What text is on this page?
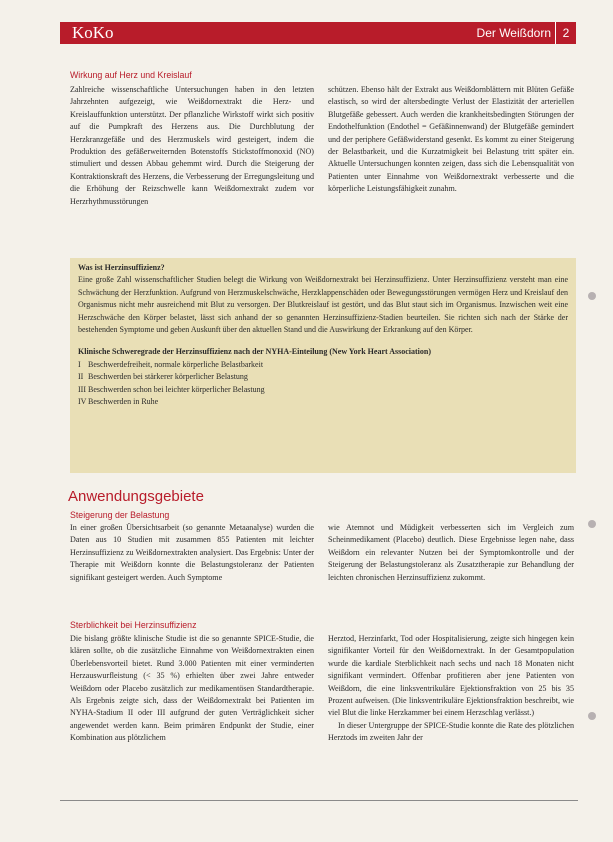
KoKo	Der Weißdorn 2
Wirkung auf Herz und Kreislauf

Zahlreiche wissenschaftliche Untersuchungen haben in den letzten Jahrzehnten aufgezeigt, wie Weißdornextrakt die Herz- und Kreislauffunktion unterstützt. Der pflanzliche Wirkstoff wirkt sich positiv auf die Pumpkraft des Herzens aus. Die Durchblutung der Herzkranzgefäße und des Herzmuskels wird gesteigert, indem die Produktion des gefäßerweiternden Botenstoffs Stickstoffmonoxid (NO) stimuliert und dessen Abbau gehemmt wird. Durch die Steigerung der Kontraktionskraft des Herzens, die Verbesserung der Erregungsleitung und die Erhöhung der Reizschwelle kann Weißdornextrakt zudem vor Herzrhythmusstörungen

schützen. Ebenso hält der Extrakt aus Weißdornblättern mit Blüten Gefäße elastisch, so wird der altersbedingte Verlust der Elastizität der arteriellen Blutgefäße gebessert. Auch werden die krankheitsbedingten Störungen der Endothelfunktion (Endothel = Gefäßinnenwand) der Blutgefäße gemindert und der periphere Gefäßwiderstand gesenkt. Es kommt zu einer Steigerung der Belastbarkeit, und die Kurzatmigkeit bei Belastung tritt später ein. Aktuelle Untersuchungen konnten zeigen, dass sich die Lebensqualität von Patienten unter Einnahme von Weißdornextrakt verbesserte und die körperliche Leistungsfähigkeit zunahm.

Was ist Herzinsuffizienz?

Eine große Zahl wissenschaftlicher Studien belegt die Wirkung von Weißdornextrakt bei Herzinsuffizienz. Unter Herzinsuffizienz versteht man eine Schwächung der Herzfunktion. Aufgrund von Herzmuskelschwäche, Herzklappenschäden oder Bewegungsstörungen vermögen Herz und Kreislauf den Organismus nicht mehr ausreichend mit Blut zu versorgen. Der Blutkreislauf ist gestört, und das Blut staut sich im Organismus. Inzwischen weit eine Herzschwäche den Körper belastet, lässt sich anhand der so genannten Herzinsuffizienz-Stadien beurteilen. Sie richten sich nach der Stärke der bestehenden Symptome und geben Auskunft über den aktuellen Stand und die Auswirkung der Erkrankung auf den Körper.

Klinische Schweregrade der Herzinsuffizienz nach der NYHA-Einteilung (New York Heart Association)

I Beschwerdefreiheit, normale körperliche Belastbarkeit
II Beschwerden bei stärkerer körperlicher Belastung
III Beschwerden schon bei leichter körperlicher Belastung
IV Beschwerden in Ruhe
Anwendungsgebiete
Steigerung der Belastung

In einer großen Übersichtsarbeit (so genannte Metaanalyse) wurden die Daten aus 10 Studien mit zusammen 855 Patienten mit leichter Herzinsuffizienz zu Weißdornextrakten analysiert. Das Ergebnis: Unter der Therapie mit Weißdorn konnte die Belastungstoleranz der Patienten signifikant gesteigert werden. Auch Symptome

wie Atemnot und Müdigkeit verbesserten sich im Vergleich zum Scheinmedikament (Placebo) deutlich. Diese Ergebnisse legen nahe, dass Weißdorn ein relevanter Nutzen bei der Symptomkontrolle und der Steigerung der Belastungstoleranz als Zusatztherapie zur Behandlung der leichten chronischen Herzinsuffizienz zukommt.

Sterblichkeit bei Herzinsuffizienz

Die bislang größte klinische Studie ist die so genannte SPICE-Studie, die klären sollte, ob die zusätzliche Einnahme von Weißdornextrakten einen Überlebensvorteil bietet. Rund 3.000 Patienten mit einer verminderten Herzauswurfleistung (< 35 %) erhielten über zwei Jahre entweder Weißdorn oder Placebo zusätzlich zur medikamentösen Standardtherapie. Als Ergebnis zeigte sich, dass der Weißdornextrakt bei Patienten im NYHA-Stadium II oder III aufgrund der guten Verträglichkeit sicher angewendet werden kann. Beim primären Endpunkt der Studie, einer Kombination aus plötzlichem

Herztod, Herzinfarkt, Tod oder Hospitalisierung, zeigte sich hingegen kein signifikanter Vorteil für den Weißdornextrakt. In der Gesamtpopulation wurde die kardiale Sterblichkeit nach sechs und nach 18 Monaten nicht signifikant vermindert. Offenbar profitieren aber jene Patienten von Weißdorn, die eine linksventrikuläre Ejektionsfraktion von 25 bis 35 Prozent aufweisen. (Die linksventrikuläre Ejektionsfraktion beschreibt, wie viel Blut die linke Herzkammer bei einem Herzschlag verlässt.)

In dieser Untergruppe der SPICE-Studie konnte die Rate des plötzlichen Herztods im zweiten Jahr der
